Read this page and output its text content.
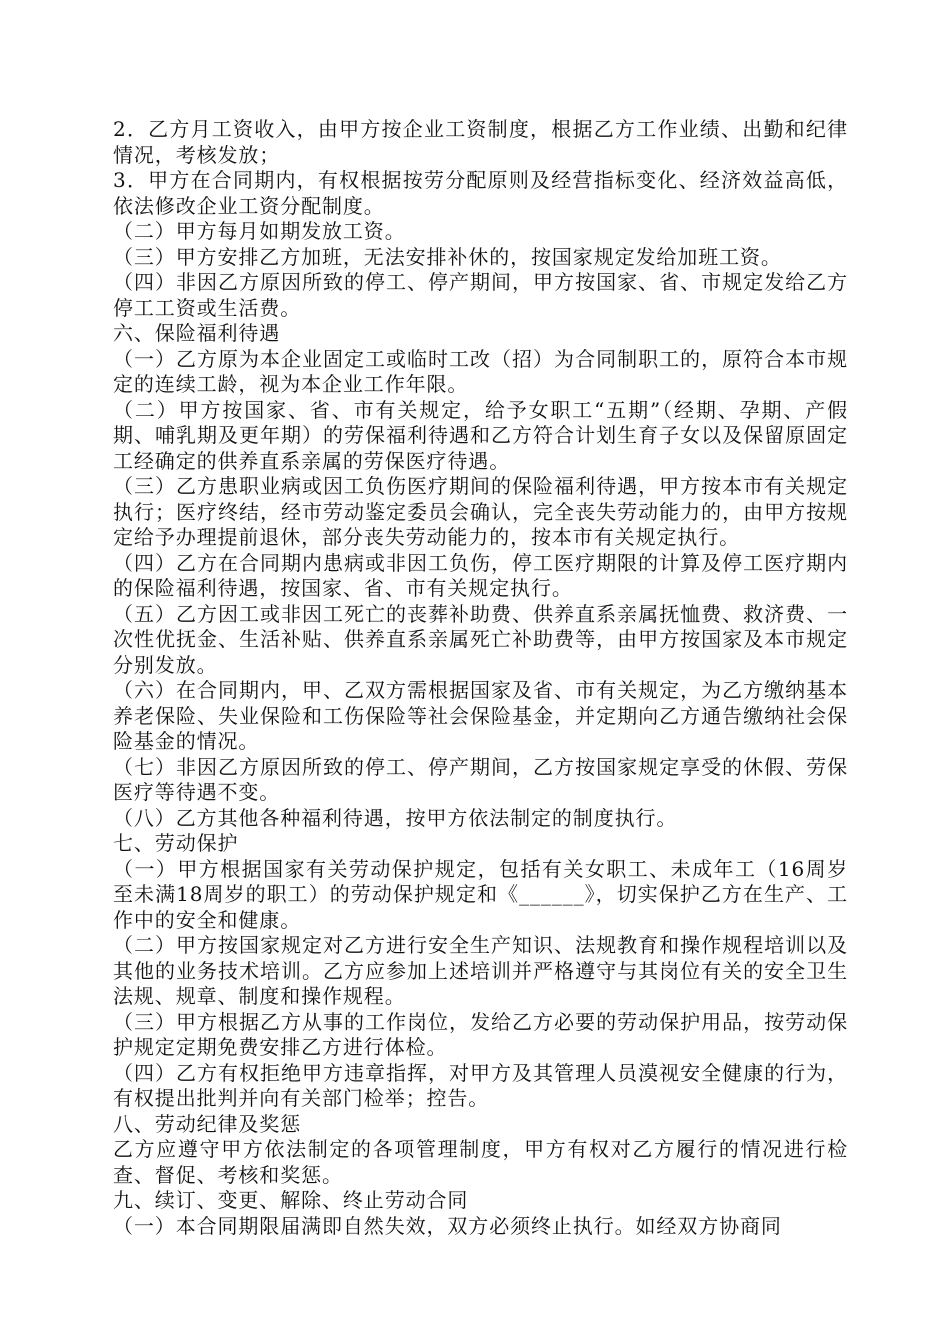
2．乙方月工资收入，由甲方按企业工资制度，根据乙方工作业绩、出勤和纪律情况，考核发放；

3．甲方在合同期内，有权根据按劳分配原则及经营指标变化、经济效益高低，依法修改企业工资分配制度。

（二）甲方每月如期发放工资。

（三）甲方安排乙方加班，无法安排补休的，按国家规定发给加班工资。

（四）非因乙方原因所致的停工、停产期间，甲方按国家、省、市规定发给乙方停工工资或生活费。

六、保险福利待遇

（一）乙方原为本企业固定工或临时工改（招）为合同制职工的，原符合本市规定的连续工龄，视为本企业工作年限。

（二）甲方按国家、省、市有关规定，给予女职工“五期”（经期、孕期、产假期、哺乳期及更年期）的劳保福利待遇和乙方符合计划生育子女以及保留原固定工经确定的供养直系亲属的劳保医疗待遇。

（三）乙方患职业病或因工负伤医疗期间的保险福利待遇，甲方按本市有关规定执行；医疗终结，经市劳动鉴定委员会确认，完全丧失劳动能力的，由甲方按规定给予办理提前退休，部分丧失劳动能力的，按本市有关规定执行。

（四）乙方在合同期内患病或非因工负伤，停工医疗期限的计算及停工医疗期内的保险福利待遇，按国家、省、市有关规定执行。

（五）乙方因工或非因工死亡的丧葬补助费、供养直系亲属抚恤费、救济费、一次性优抚金、生活补贴、供养直系亲属死亡补助费等，由甲方按国家及本市规定分别发放。

（六）在合同期内，甲、乙双方需根据国家及省、市有关规定，为乙方缴纳基本养老保险、失业保险和工伤保险等社会保险基金，并定期向乙方通告缴纳社会保险基金的情况。

（七）非因乙方原因所致的停工、停产期间，乙方按国家规定享受的休假、劳保医疗等待遇不变。

（八）乙方其他各种福利待遇，按甲方依法制定的制度执行。

七、劳动保护

（一）甲方根据国家有关劳动保护规定，包括有关女职工、未成年工（16周岁至未满18周岁的职工）的劳动保护规定和《______》，切实保护乙方在生产、工作中的安全和健康。

（二）甲方按国家规定对乙方进行安全生产知识、法规教育和操作规程培训以及其他的业务技术培训。乙方应参加上述培训并严格遵守与其岗位有关的安全卫生法规、规章、制度和操作规程。

（三）甲方根据乙方从事的工作岗位，发给乙方必要的劳动保护用品，按劳动保护规定定期免费安排乙方进行体检。

（四）乙方有权拒绝甲方违章指挥，对甲方及其管理人员漠视安全健康的行为，有权提出批判并向有关部门检举；控告。

八、劳动纪律及奖惩

乙方应遵守甲方依法制定的各项管理制度，甲方有权对乙方履行的情况进行检查、督促、考核和奖惩。

九、续订、变更、解除、终止劳动合同

（一）本合同期限届满即自然失效，双方必须终止执行。如经双方协商同
